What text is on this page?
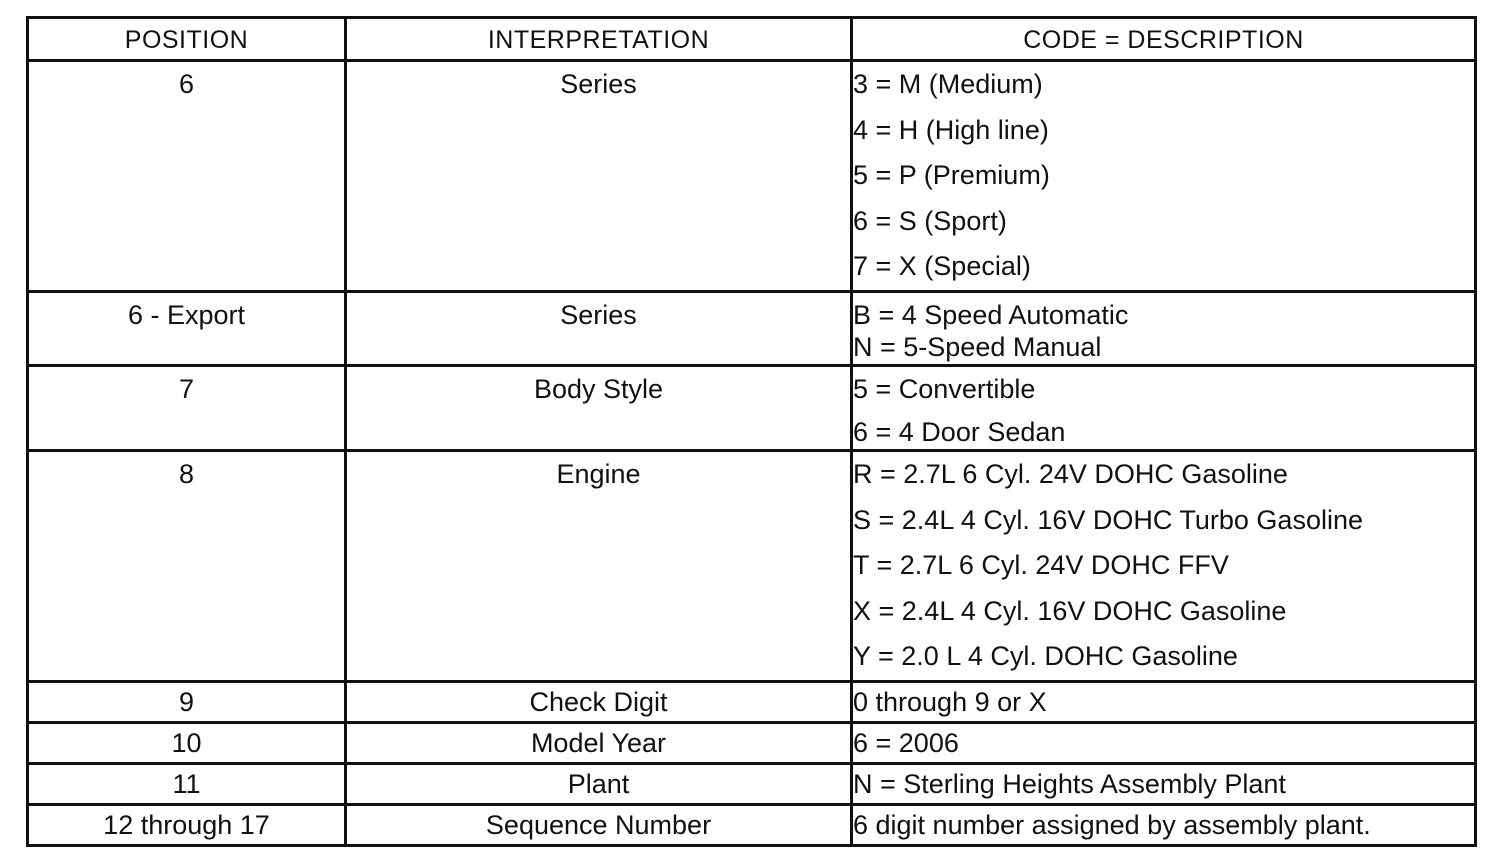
POSITION	INTERPRETATION	CODE = DESCRIPTION
6	Series	3 = M (Medium)
4 = H (High line)
5 = P (Premium)
6 = S (Sport)
7 = X (Special)

6 - Export	Series	B = 4 Speed Automatic
N = 5-Speed Manual

7	Body Style	5 = Convertible
6 = 4 Door Sedan

8	Engine	R = 2.7L 6 Cyl. 24V DOHC Gasoline
S = 2.4L 4 Cyl. 16V DOHC Turbo Gasoline
T = 2.7L 6 Cyl. 24V DOHC FFV
X = 2.4L 4 Cyl. 16V DOHC Gasoline
Y = 2.0 L 4 Cyl. DOHC Gasoline

9	Check Digit	0 through 9 or X

10	Model Year	6 = 2006

11	Plant	N = Sterling Heights Assembly Plant

12 through 17	Sequence Number	6 digit number assigned by assembly plant.
